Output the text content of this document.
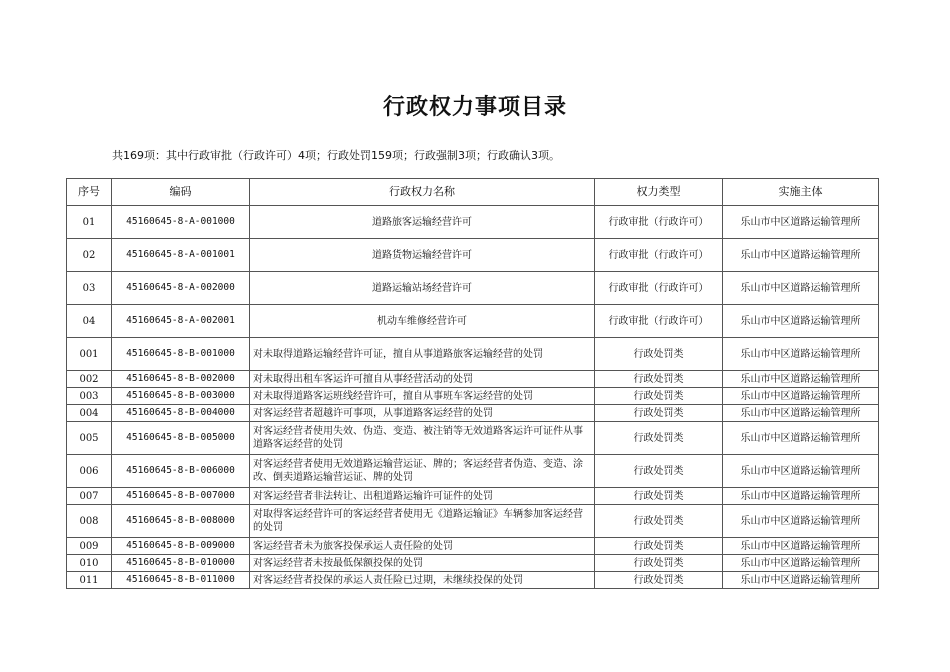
行政权力事项目录
共169项：其中行政审批（行政许可）4项；行政处罚159项；行政强制3项；行政确认3项。
序号	编码	行政权力名称	权力类型	实施主体
01	45160645-8-A-001000	道路旅客运输经营许可	行政审批（行政许可）	乐山市中区道路运输管理所
02	45160645-8-A-001001	道路货物运输经营许可	行政审批（行政许可）	乐山市中区道路运输管理所
03	45160645-8-A-002000	道路运输站场经营许可	行政审批（行政许可）	乐山市中区道路运输管理所
04	45160645-8-A-002001	机动车维修经营许可	行政审批（行政许可）	乐山市中区道路运输管理所
001	45160645-8-B-001000	对未取得道路运输经营许可证，擅自从事道路旅客运输经营的处罚	行政处罚类	乐山市中区道路运输管理所
002	45160645-8-B-002000	对未取得出租车客运许可擅自从事经营活动的处罚	行政处罚类	乐山市中区道路运输管理所
003	45160645-8-B-003000	对未取得道路客运班线经营许可，擅自从事班车客运经营的处罚	行政处罚类	乐山市中区道路运输管理所
004	45160645-8-B-004000	对客运经营者超越许可事项，从事道路客运经营的处罚	行政处罚类	乐山市中区道路运输管理所
005	45160645-8-B-005000	对客运经营者使用失效、伪造、变造、被注销等无效道路客运许可证件从事道路客运经营的处罚	行政处罚类	乐山市中区道路运输管理所
006	45160645-8-B-006000	对客运经营者使用无效道路运输营运证、牌的；客运经营者伪造、变造、涂改、倒卖道路运输营运证、牌的处罚	行政处罚类	乐山市中区道路运输管理所
007	45160645-8-B-007000	对客运经营者非法转让、出租道路运输许可证件的处罚	行政处罚类	乐山市中区道路运输管理所
008	45160645-8-B-008000	对取得客运经营许可的客运经营者使用无《道路运输证》车辆参加客运经营的处罚	行政处罚类	乐山市中区道路运输管理所
009	45160645-8-B-009000	客运经营者未为旅客投保承运人责任险的处罚	行政处罚类	乐山市中区道路运输管理所
010	45160645-8-B-010000	对客运经营者未按最低保额投保的处罚	行政处罚类	乐山市中区道路运输管理所
011	45160645-8-B-011000	对客运经营者投保的承运人责任险已过期，未继续投保的处罚	行政处罚类	乐山市中区道路运输管理所
